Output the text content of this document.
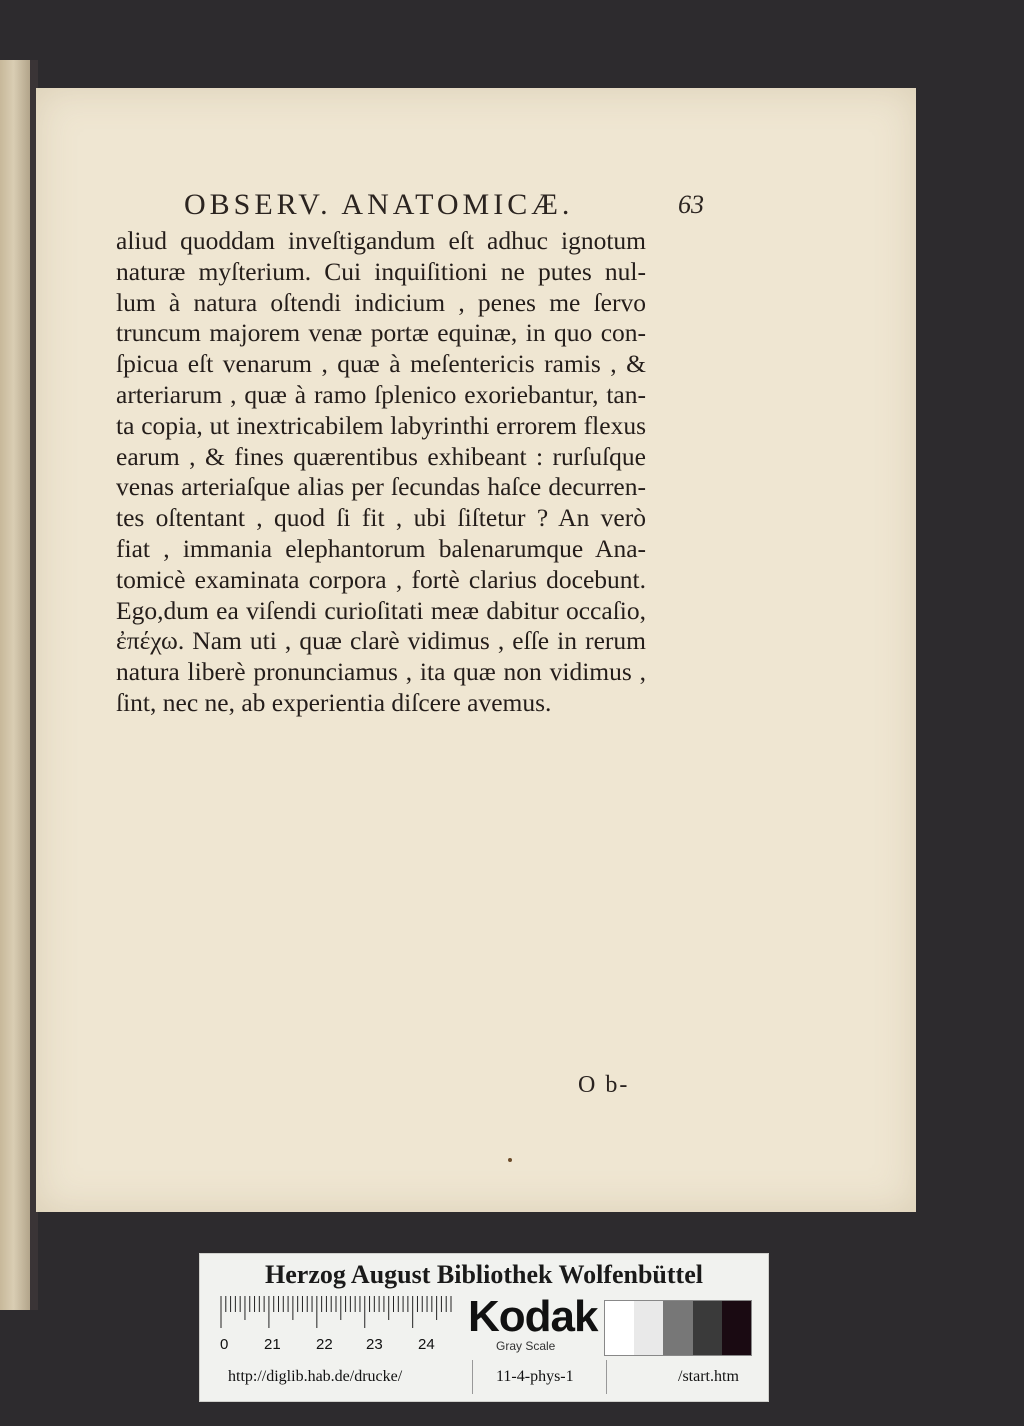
OBSERV. ANATOMICÆ.	63
aliud quoddam inveſtigandum eſt adhuc ignotum
naturæ myſterium. Cui inquiſitioni ne putes nul-
lum à natura oſtendi indicium , penes me ſervo
truncum majorem venæ portæ equinæ, in quo con-
ſpicua eſt venarum , quæ à meſentericis ramis , &
arteriarum , quæ à ramo ſplenico exoriebantur, tan-
ta copia, ut inextricabilem labyrinthi errorem flexus
earum , & fines quærentibus exhibeant : rurſuſque
venas arteriaſque alias per ſecundas haſce decurren-
tes oſtentant , quod ſi fit , ubi ſiſtetur ? An verò
fiat , immania elephantorum balenarumque Ana-
tomicè examinata corpora , fortè clarius docebunt.
Ego,dum ea viſendi curioſitati meæ dabitur occaſio,
ἐπέχω. Nam uti , quæ clarè vidimus , eſſe in rerum
natura liberè pronunciamus , ita quæ non vidimus ,
ſint, nec ne, ab experientia diſcere avemus.
O b-
Herzog August Bibliothek Wolfenbüttel
0 21 22 23 24
Kodak
Gray Scale
http://diglib.hab.de/drucke/	11-4-phys-1	/start.htm
